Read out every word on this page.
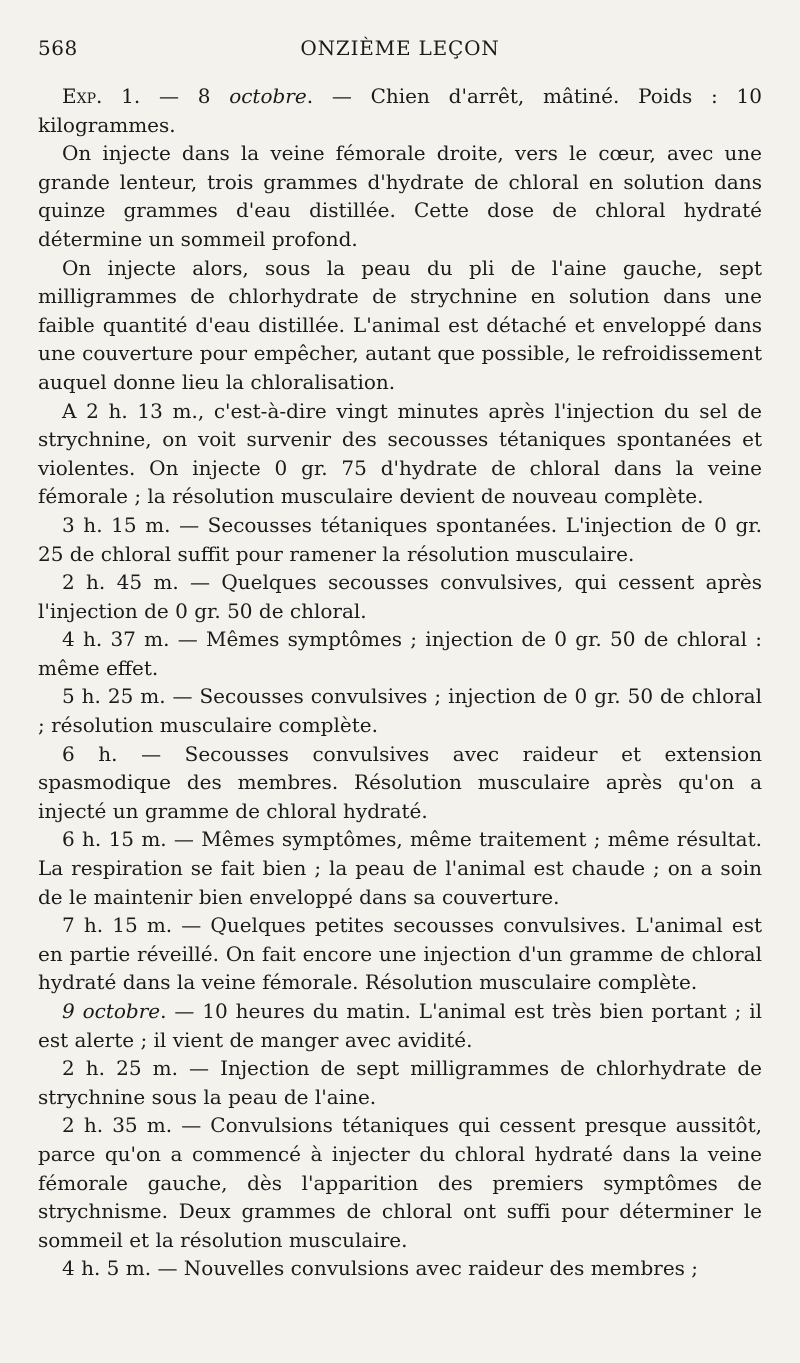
568	ONZIÈME LEÇON

Exp. 1. — 8 octobre. — Chien d'arrêt, mâtiné. Poids : 10 kilogrammes.

On injecte dans la veine fémorale droite, vers le cœur, avec une grande lenteur, trois grammes d'hydrate de chloral en solution dans quinze grammes d'eau distillée. Cette dose de chloral hydraté détermine un sommeil profond.

On injecte alors, sous la peau du pli de l'aine gauche, sept milligrammes de chlorhydrate de strychnine en solution dans une faible quantité d'eau distillée. L'animal est détaché et enveloppé dans une couverture pour empêcher, autant que possible, le refroidissement auquel donne lieu la chloralisation.

A 2 h. 13 m., c'est-à-dire vingt minutes après l'injection du sel de strychnine, on voit survenir des secousses tétaniques spontanées et violentes. On injecte 0 gr. 75 d'hydrate de chloral dans la veine fémorale ; la résolution musculaire devient de nouveau complète.

3 h. 15 m. — Secousses tétaniques spontanées. L'injection de 0 gr. 25 de chloral suffit pour ramener la résolution musculaire.

2 h. 45 m. — Quelques secousses convulsives, qui cessent après l'injection de 0 gr. 50 de chloral.

4 h. 37 m. — Mêmes symptômes ; injection de 0 gr. 50 de chloral : même effet.

5 h. 25 m. — Secousses convulsives ; injection de 0 gr. 50 de chloral ; résolution musculaire complète.

6 h. — Secousses convulsives avec raideur et extension spasmodique des membres. Résolution musculaire après qu'on a injecté un gramme de chloral hydraté.

6 h. 15 m. — Mêmes symptômes, même traitement ; même résultat. La respiration se fait bien ; la peau de l'animal est chaude ; on a soin de le maintenir bien enveloppé dans sa couverture.

7 h. 15 m. — Quelques petites secousses convulsives. L'animal est en partie réveillé. On fait encore une injection d'un gramme de chloral hydraté dans la veine fémorale. Résolution musculaire complète.

9 octobre. — 10 heures du matin. L'animal est très bien portant ; il est alerte ; il vient de manger avec avidité.

2 h. 25 m. — Injection de sept milligrammes de chlorhydrate de strychnine sous la peau de l'aine.

2 h. 35 m. — Convulsions tétaniques qui cessent presque aussitôt, parce qu'on a commencé à injecter du chloral hydraté dans la veine fémorale gauche, dès l'apparition des premiers symptômes de strychnisme. Deux grammes de chloral ont suffi pour déterminer le sommeil et la résolution musculaire.

4 h. 5 m. — Nouvelles convulsions avec raideur des membres ;
